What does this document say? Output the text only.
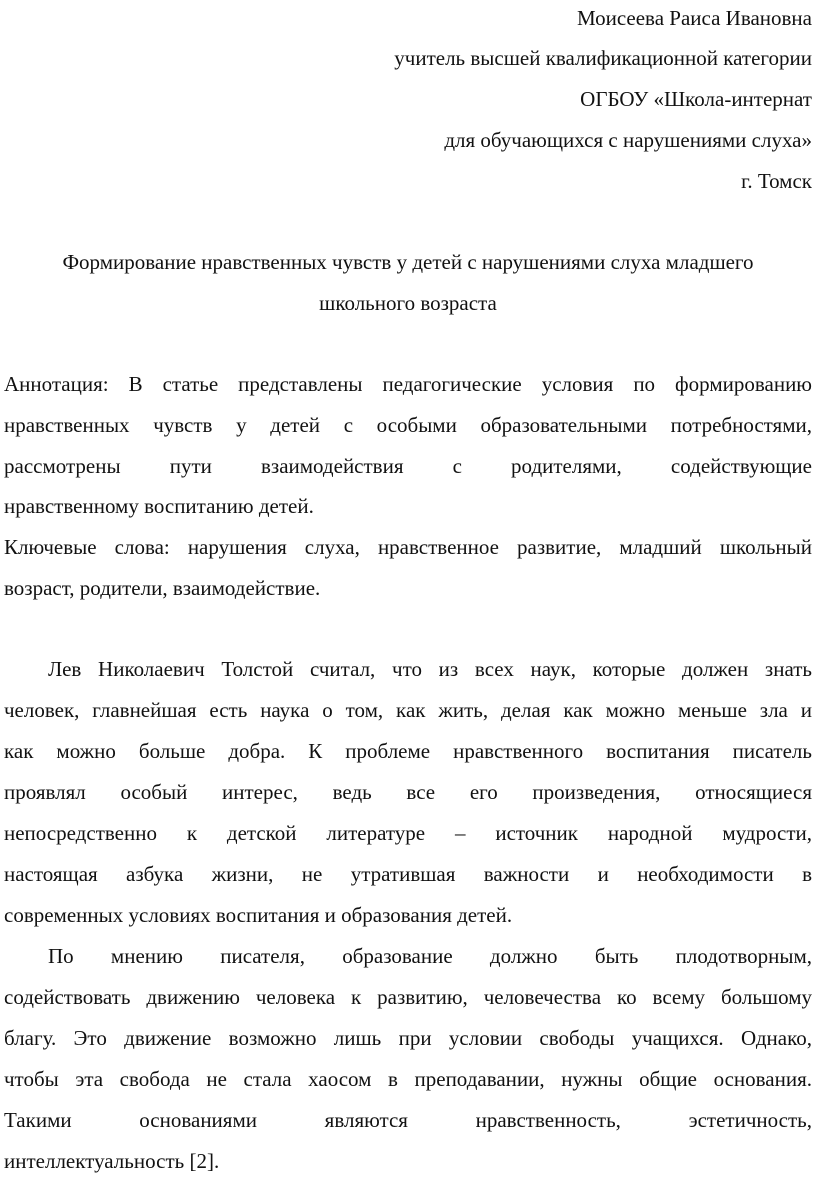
Моисеева Раиса Ивановна

учитель высшей квалификационной категории

ОГБОУ «Школа-интернат

для обучающихся с нарушениями слуха»

г. Томск

Формирование нравственных чувств у детей с нарушениями слуха младшего

школьного возраста

Аннотация: В статье представлены педагогические условия по формированию

нравственных чувств у детей с особыми образовательными потребностями,

рассмотрены пути взаимодействия с родителями, содействующие

нравственному воспитанию детей.

Ключевые слова: нарушения слуха, нравственное развитие, младший школьный

возраст, родители, взаимодействие.

Лев Николаевич Толстой считал, что из всех наук, которые должен знать

человек, главнейшая есть наука о том, как жить, делая как можно меньше зла и

как можно больше добра. К проблеме нравственного воспитания писатель

проявлял особый интерес, ведь все его произведения, относящиеся

непосредственно к детской литературе – источник народной мудрости,

настоящая азбука жизни, не утратившая важности и необходимости в

современных условиях воспитания и образования детей.

По мнению писателя, образование должно быть плодотворным,

содействовать движению человека к развитию, человечества ко всему большому

благу. Это движение возможно лишь при условии свободы учащихся. Однако,

чтобы эта свобода не стала хаосом в преподавании, нужны общие основания.

Такими основаниями являются нравственность, эстетичность,

интеллектуальность [2].
